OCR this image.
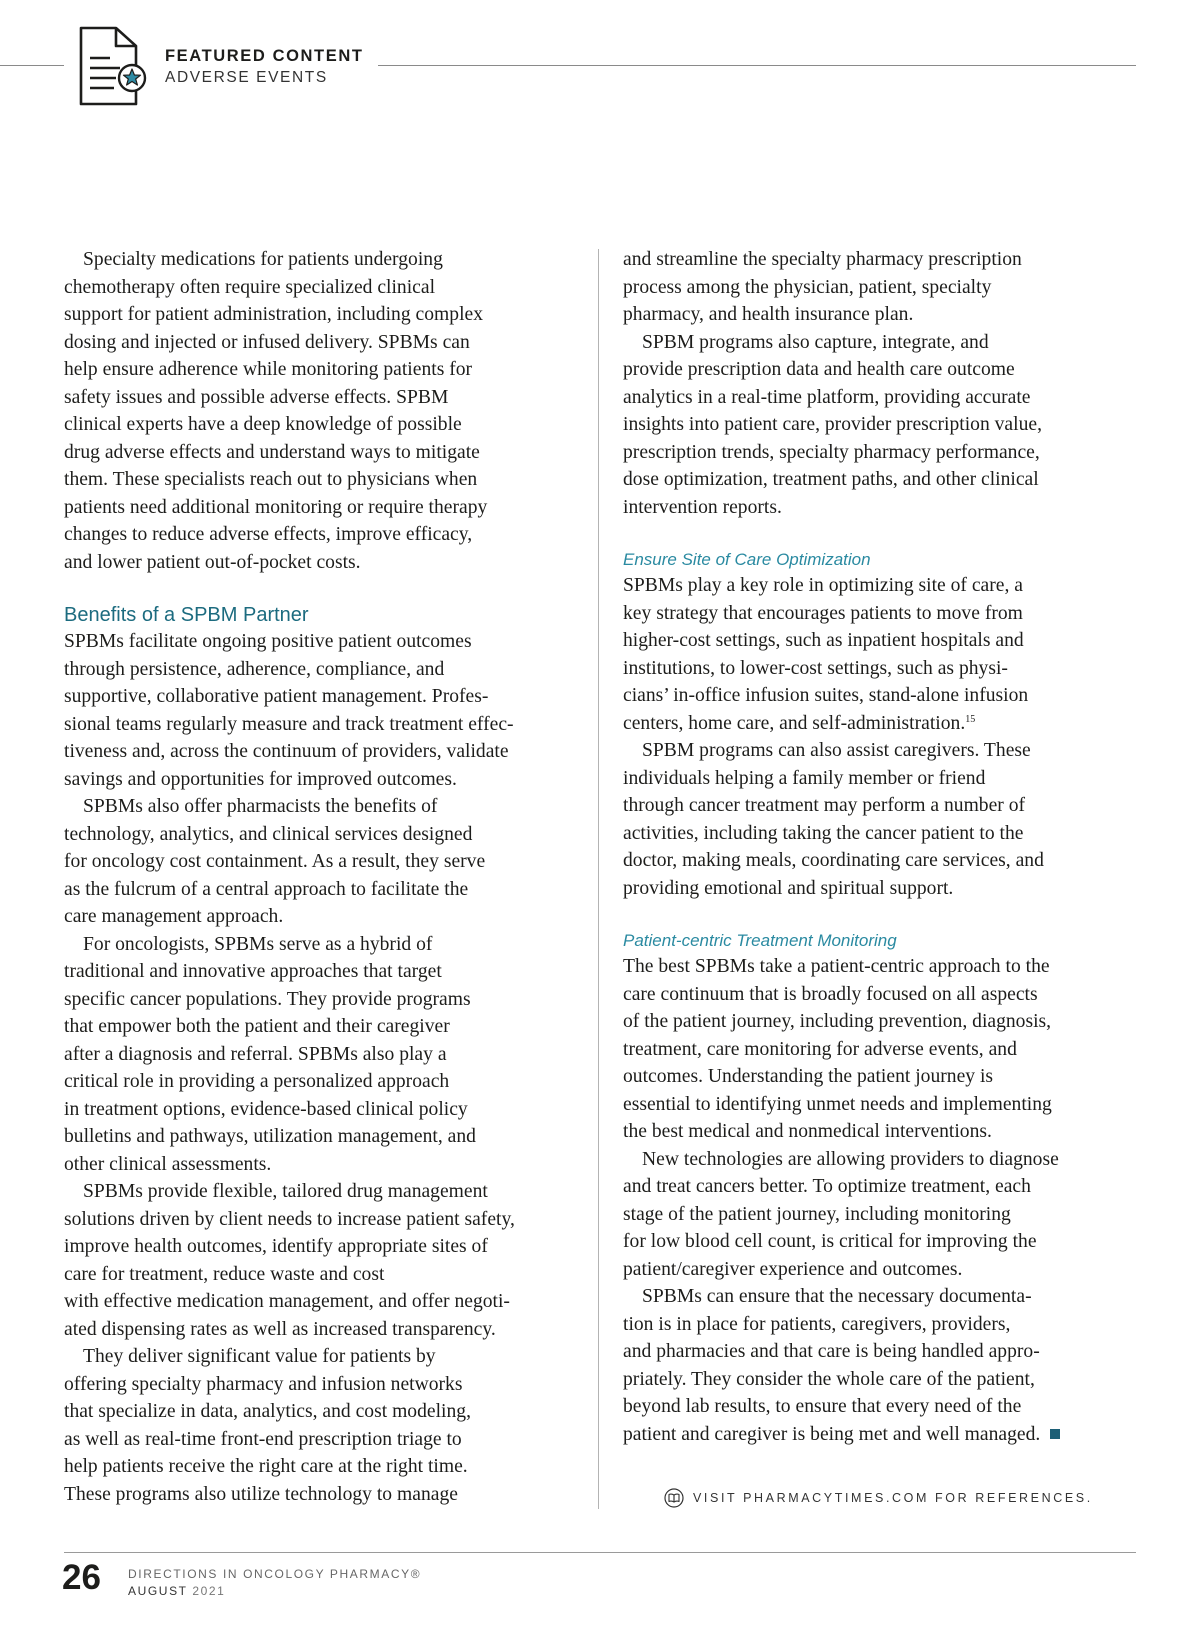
FEATURED CONTENT
ADVERSE EVENTS

Specialty medications for patients undergoing

chemotherapy often require specialized clinical

support for patient administration, including complex

dosing and injected or infused delivery. SPBMs can

help ensure adherence while monitoring patients for

safety issues and possible adverse effects. SPBM

clinical experts have a deep knowledge of possible

drug adverse effects and understand ways to mitigate

them. These specialists reach out to physicians when

patients need additional monitoring or require therapy

changes to reduce adverse effects, improve efficacy,

and lower patient out-of-pocket costs.

Benefits of a SPBM Partner

SPBMs facilitate ongoing positive patient outcomes

through persistence, adherence, compliance, and

supportive, collaborative patient management. Profes-

sional teams regularly measure and track treatment effec-

tiveness and, across the continuum of providers, validate

savings and opportunities for improved outcomes.

SPBMs also offer pharmacists the benefits of

technology, analytics, and clinical services designed

for oncology cost containment. As a result, they serve

as the fulcrum of a central approach to facilitate the

care management approach.

For oncologists, SPBMs serve as a hybrid of

traditional and innovative approaches that target

specific cancer populations. They provide programs

that empower both the patient and their caregiver

after a diagnosis and referral. SPBMs also play a

critical role in providing a personalized approach

in treatment options, evidence-based clinical policy

bulletins and pathways, utilization management, and

other clinical assessments.

SPBMs provide flexible, tailored drug management

solutions driven by client needs to increase patient safety,

improve health outcomes, identify appropriate sites of

care for treatment, reduce waste and cost

with effective medication management, and offer negoti-

ated dispensing rates as well as increased transparency.

They deliver significant value for patients by

offering specialty pharmacy and infusion networks

that specialize in data, analytics, and cost modeling,

as well as real-time front-end prescription triage to

help patients receive the right care at the right time.

These programs also utilize technology to manage

and streamline the specialty pharmacy prescription

process among the physician, patient, specialty

pharmacy, and health insurance plan.

SPBM programs also capture, integrate, and

provide prescription data and health care outcome

analytics in a real-time platform, providing accurate

insights into patient care, provider prescription value,

prescription trends, specialty pharmacy performance,

dose optimization, treatment paths, and other clinical

intervention reports.

Ensure Site of Care Optimization

SPBMs play a key role in optimizing site of care, a

key strategy that encourages patients to move from

higher-cost settings, such as inpatient hospitals and

institutions, to lower-cost settings, such as physi-

cians’ in-office infusion suites, stand-alone infusion

centers, home care, and self-administration.$^{15}$

SPBM programs can also assist caregivers. These

individuals helping a family member or friend

through cancer treatment may perform a number of

activities, including taking the cancer patient to the

doctor, making meals, coordinating care services, and

providing emotional and spiritual support.

Patient-centric Treatment Monitoring

The best SPBMs take a patient-centric approach to the

care continuum that is broadly focused on all aspects

of the patient journey, including prevention, diagnosis,

treatment, care monitoring for adverse events, and

outcomes. Understanding the patient journey is

essential to identifying unmet needs and implementing

the best medical and nonmedical interventions.

New technologies are allowing providers to diagnose

and treat cancers better. To optimize treatment, each

stage of the patient journey, including monitoring

for low blood cell count, is critical for improving the

patient/caregiver experience and outcomes.

SPBMs can ensure that the necessary documenta-

tion is in place for patients, caregivers, providers,

and pharmacies and that care is being handled appro-

priately. They consider the whole care of the patient,

beyond lab results, to ensure that every need of the

patient and caregiver is being met and well managed.

VISIT PHARMACYTIMES.COM FOR REFERENCES.
26 DIRECTIONS IN ONCOLOGY PHARMACY®
AUGUST 2021
